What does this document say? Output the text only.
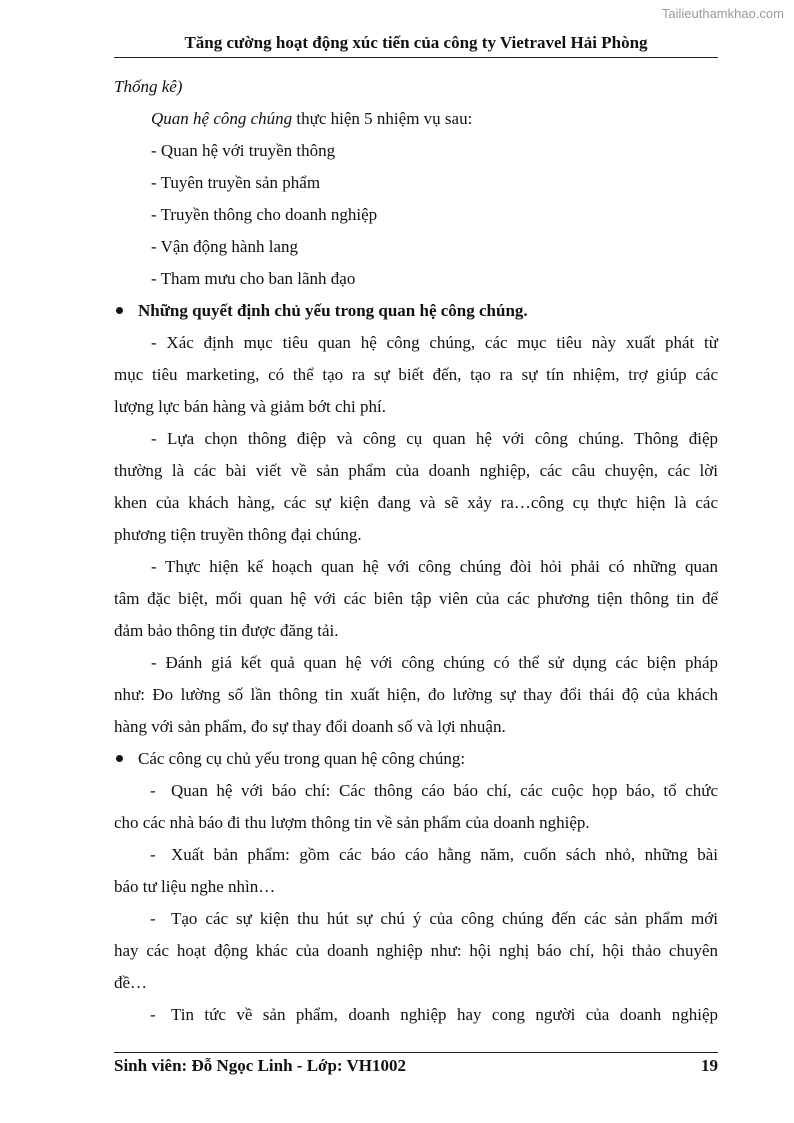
Tailieuthamkhao.com
Tăng cường hoạt động xúc tiến của công ty Vietravel Hải Phòng
Thống kê)
Quan hệ công chúng thực hiện 5 nhiệm vụ sau:
- Quan hệ với truyền thông
- Tuyên truyền sản phẩm
- Truyền thông cho doanh nghiệp
- Vận động hành lang
- Tham mưu cho ban lãnh đạo
Những quyết định chủ yếu trong quan hệ công chúng.
- Xác định mục tiêu quan hệ công chúng, các mục tiêu này xuất phát từ
mục tiêu marketing, có thể tạo ra sự biết đến, tạo ra sự tín nhiệm, trợ giúp các
lượng lực bán hàng và giảm bớt chi phí.
- Lựa chọn thông điệp và công cụ quan hệ với công chúng. Thông điệp
thường là các bài viết về sản phẩm của doanh nghiệp, các câu chuyện, các lời
khen của khách hàng, các sự kiện đang và sẽ xảy ra…công cụ thực hiện là các
phương tiện truyền thông đại chúng.
- Thực hiện kế hoạch quan hệ với công chúng đòi hỏi phải có những quan
tâm đặc biệt, mối quan hệ với các biên tập viên của các phương tiện thông tin để
đảm bảo thông tin được đăng tải.
- Đánh giá kết quả quan hệ với công chúng có thể sử dụng các biện pháp
như: Đo lường số lần thông tin xuất hiện, đo lường sự thay đổi thái độ của khách
hàng với sản phẩm, đo sự thay đổi doanh số và lợi nhuận.
Các công cụ chủ yếu trong quan hệ công chúng:
- Quan hệ với báo chí: Các thông cáo báo chí, các cuộc họp báo, tổ chức
cho các nhà báo đi thu lượm thông tin về sản phẩm của doanh nghiệp.
- Xuất bản phẩm: gồm các báo cáo hằng năm, cuốn sách nhỏ, những bài
báo tư liệu nghe nhìn…
- Tạo các sự kiện thu hút sự chú ý của công chúng đến các sản phẩm mới
hay các hoạt động khác của doanh nghiệp như: hội nghị báo chí, hội thảo chuyên
đề…
- Tin tức về sản phẩm, doanh nghiệp hay cong người của doanh nghiệp
Sinh viên: Đỗ Ngọc Linh - Lớp: VH1002	19
